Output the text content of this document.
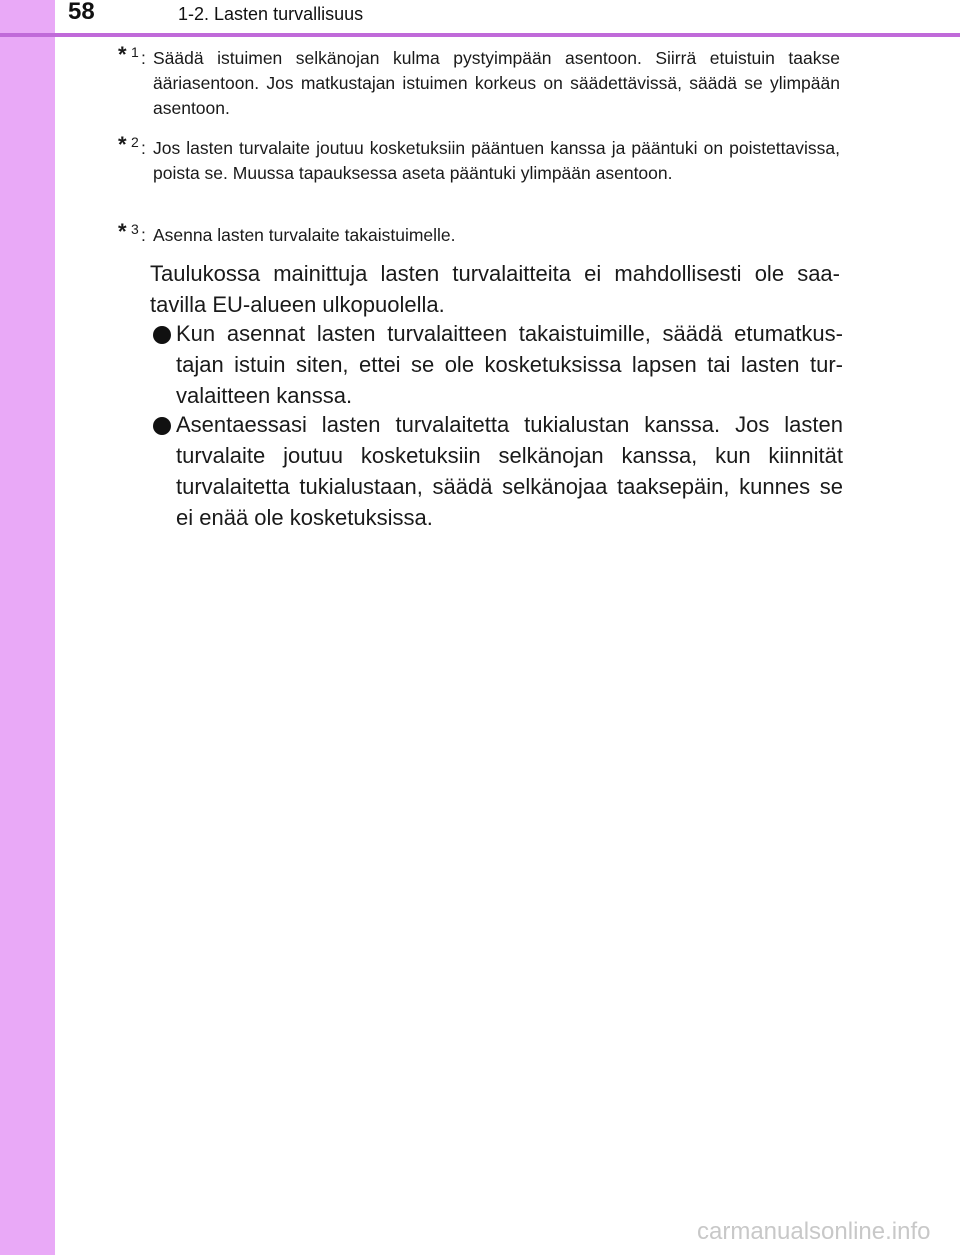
58	1-2. Lasten turvallisuus
* 1 : Säädä istuimen selkänojan kulma pystyimpään asentoon. Siirrä etuistuin taakse ääriasentoon. Jos matkustajan istuimen korkeus on säädettävissä, säädä se ylimpään asentoon.
* 2 : Jos lasten turvalaite joutuu kosketuksiin pääntuen kanssa ja pääntuki on poistettavissa, poista se. Muussa tapauksessa aseta pääntuki ylimpään asentoon.
* 3 : Asenna lasten turvalaite takaistuimelle.
Taulukossa mainittuja lasten turvalaitteita ei mahdollisesti ole saa-tavilla EU-alueen ulkopuolella.
Kun asennat lasten turvalaitteen takaistuimille, säädä etumatkus-tajan istuin siten, ettei se ole kosketuksissa lapsen tai lasten tur-valaitteen kanssa.
Asentaessasi lasten turvalaitetta tukialustan kanssa. Jos lasten turvalaite joutuu kosketuksiin selkänojan kanssa, kun kiinnität turvalaitetta tukialustaan, säädä selkänojaa taaksepäin, kunnes se ei enää ole kosketuksissa.
carmanualsonline.info
